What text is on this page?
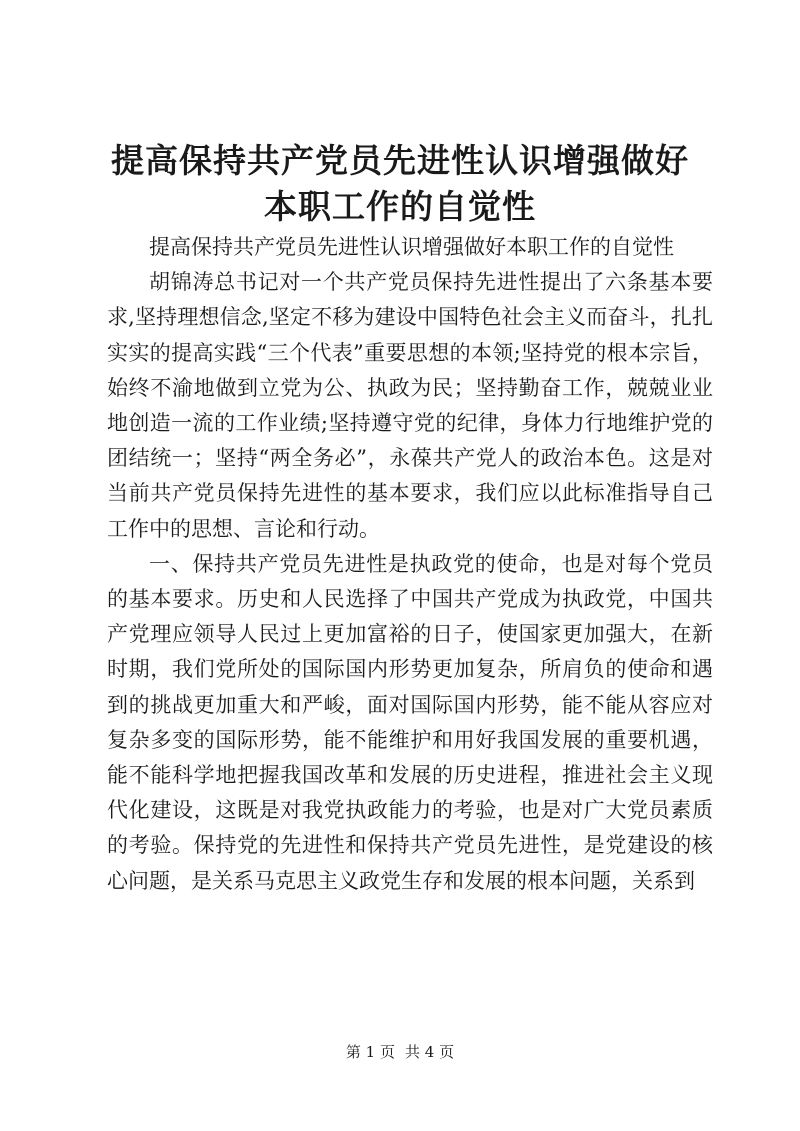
提高保持共产党员先进性认识增强做好本职工作的自觉性

提高保持共产党员先进性认识增强做好本职工作的自觉性

胡锦涛总书记对一个共产党员保持先进性提出了六条基本要求,坚持理想信念,坚定不移为建设中国特色社会主义而奋斗，扎扎实实的提高实践“三个代表”重要思想的本领;坚持党的根本宗旨，始终不渝地做到立党为公、执政为民；坚持勤奋工作，兢兢业业地创造一流的工作业绩;坚持遵守党的纪律，身体力行地维护党的团结统一；坚持“两全务必”，永葆共产党人的政治本色。这是对当前共产党员保持先进性的基本要求，我们应以此标准指导自己工作中的思想、言论和行动。

一、保持共产党员先进性是执政党的使命，也是对每个党员的基本要求。历史和人民选择了中国共产党成为执政党，中国共产党理应领导人民过上更加富裕的日子，使国家更加强大，在新时期，我们党所处的国际国内形势更加复杂，所肩负的使命和遇到的挑战更加重大和严峻，面对国际国内形势，能不能从容应对复杂多变的国际形势，能不能维护和用好我国发展的重要机遇，能不能科学地把握我国改革和发展的历史进程，推进社会主义现代化建设，这既是对我党执政能力的考验，也是对广大党员素质的考验。保持党的先进性和保持共产党员先进性，是党建设的核心问题，是关系马克思主义政党生存和发展的根本问题，关系到

第 1 页 共 4 页
